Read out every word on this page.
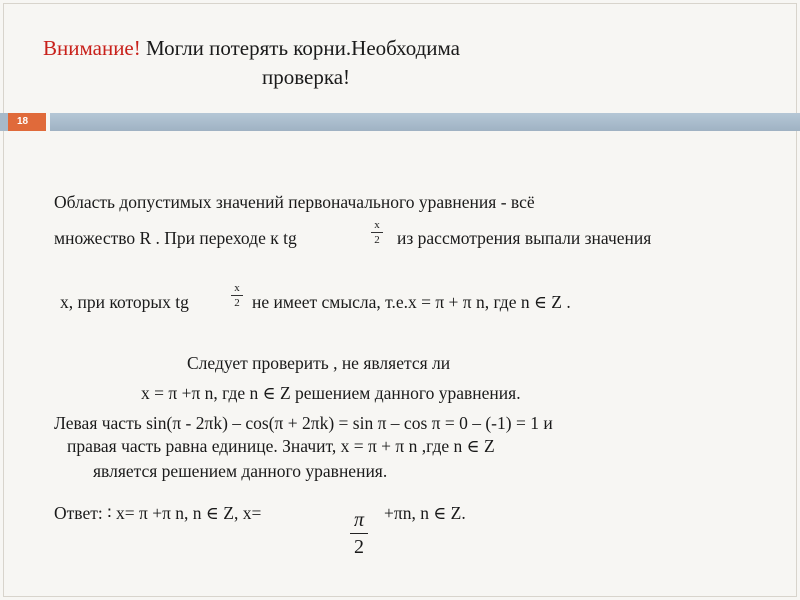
Внимание! Могли потерять корни.Необходима
проверка!
18
Область допустимых значений первоначального уравнения - всё
множество R . При переходе к tg
x
2 из рассмотрения выпали значения
x, при которых tg
x
2 не имеет смысла, т.е.x = π + π n, где n ∈ Z .
Следует проверить , не является ли
x = π +π n, где n ∈ Z решением данного уравнения.
Левая часть sin(π - 2πk) – cos(π + 2πk) = sin π – cos π = 0 – (-1) = 1 и
правая часть равна единице. Значит, x = π + π n ,где n ∈ Z
является решением данного уравнения.
Ответ: ∶ x= π +π n, n ∈ Z, x=	π
2
+πn, n ∈ Z.
